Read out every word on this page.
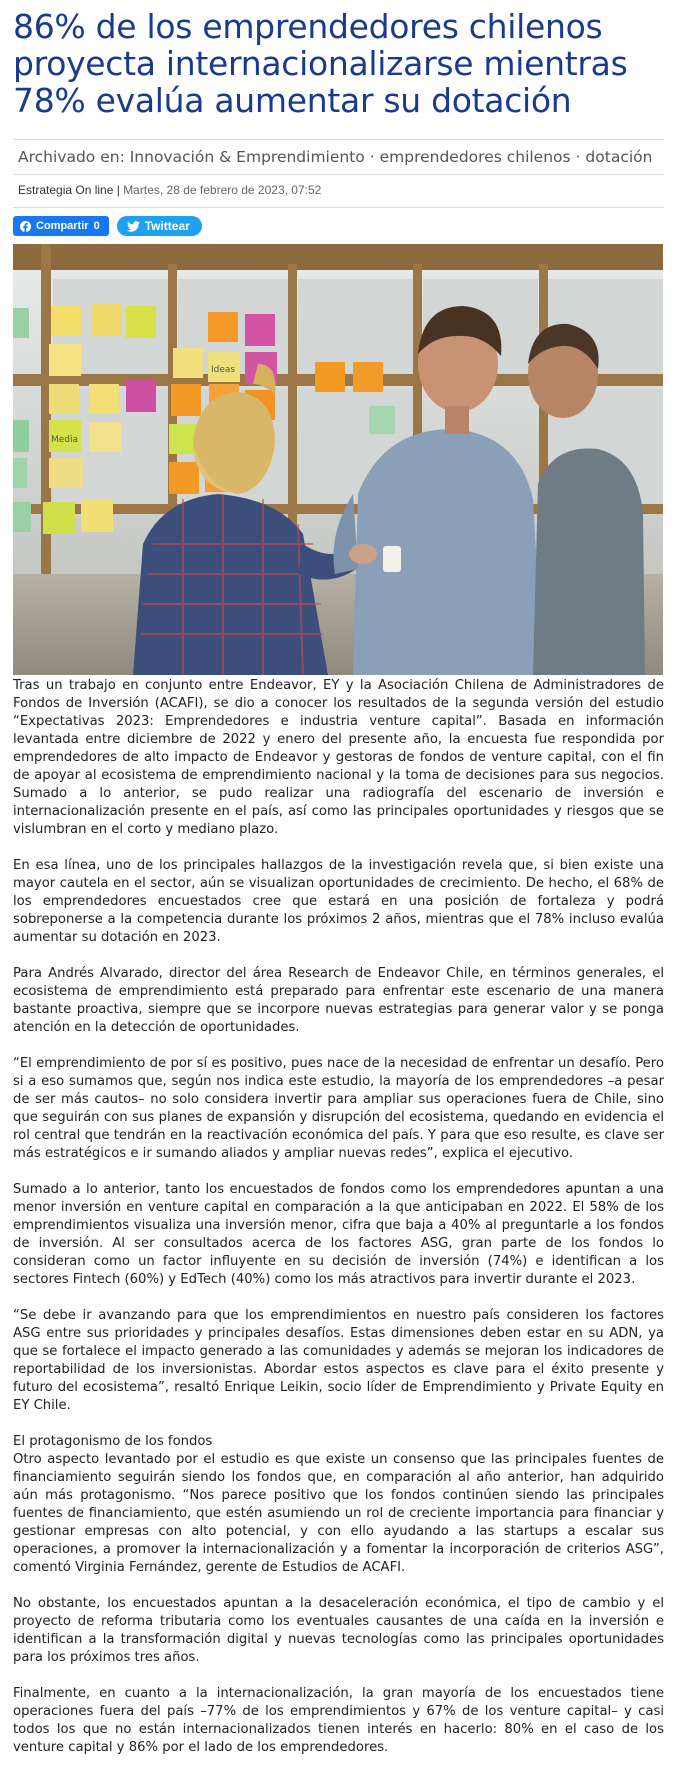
86% de los emprendedores chilenos proyecta internacionalizarse mientras 78% evalúa aumentar su dotación
Archivado en: Innovación & Emprendimiento · emprendedores chilenos · dotación
Estrategia On line | Martes, 28 de febrero de 2023, 07:52
Compartir 0	Twittear
Ideas
Media

Tras un trabajo en conjunto entre Endeavor, EY y la Asociación Chilena de Administradores de Fondos de Inversión (ACAFI), se dio a conocer los resultados de la segunda versión del estudio “Expectativas 2023: Emprendedores e industria venture capital”. Basada en información levantada entre diciembre de 2022 y enero del presente año, la encuesta fue respondida por emprendedores de alto impacto de Endeavor y gestoras de fondos de venture capital, con el fin de apoyar al ecosistema de emprendimiento nacional y la toma de decisiones para sus negocios. Sumado a lo anterior, se pudo realizar una radiografía del escenario de inversión e internacionalización presente en el país, así como las principales oportunidades y riesgos que se vislumbran en el corto y mediano plazo.

En esa línea, uno de los principales hallazgos de la investigación revela que, si bien existe una mayor cautela en el sector, aún se visualizan oportunidades de crecimiento. De hecho, el 68% de los emprendedores encuestados cree que estará en una posición de fortaleza y podrá sobreponerse a la competencia durante los próximos 2 años, mientras que el 78% incluso evalúa aumentar su dotación en 2023.

Para Andrés Alvarado, director del área Research de Endeavor Chile, en términos generales, el ecosistema de emprendimiento está preparado para enfrentar este escenario de una manera bastante proactiva, siempre que se incorpore nuevas estrategias para generar valor y se ponga atención en la detección de oportunidades.

“El emprendimiento de por sí es positivo, pues nace de la necesidad de enfrentar un desafío. Pero si a eso sumamos que, según nos indica este estudio, la mayoría de los emprendedores –a pesar de ser más cautos– no solo considera invertir para ampliar sus operaciones fuera de Chile, sino que seguirán con sus planes de expansión y disrupción del ecosistema, quedando en evidencia el rol central que tendrán en la reactivación económica del país. Y para que eso resulte, es clave ser más estratégicos e ir sumando aliados y ampliar nuevas redes”, explica el ejecutivo.

Sumado a lo anterior, tanto los encuestados de fondos como los emprendedores apuntan a una menor inversión en venture capital en comparación a la que anticipaban en 2022. El 58% de los emprendimientos visualiza una inversión menor, cifra que baja a 40% al preguntarle a los fondos de inversión. Al ser consultados acerca de los factores ASG, gran parte de los fondos lo consideran como un factor influyente en su decisión de inversión (74%) e identifican a los sectores Fintech (60%) y EdTech (40%) como los más atractivos para invertir durante el 2023.

“Se debe ir avanzando para que los emprendimientos en nuestro país consideren los factores ASG entre sus prioridades y principales desafíos. Estas dimensiones deben estar en su ADN, ya que se fortalece el impacto generado a las comunidades y además se mejoran los indicadores de reportabilidad de los inversionistas. Abordar estos aspectos es clave para el éxito presente y futuro del ecosistema”, resaltó Enrique Leikin, socio líder de Emprendimiento y Private Equity en EY Chile.

El protagonismo de los fondos

Otro aspecto levantado por el estudio es que existe un consenso que las principales fuentes de financiamiento seguirán siendo los fondos que, en comparación al año anterior, han adquirido aún más protagonismo. “Nos parece positivo que los fondos continúen siendo las principales fuentes de financiamiento, que estén asumiendo un rol de creciente importancia para financiar y gestionar empresas con alto potencial, y con ello ayudando a las startups a escalar sus operaciones, a promover la internacionalización y a fomentar la incorporación de criterios ASG”, comentó Virginia Fernández, gerente de Estudios de ACAFI.

No obstante, los encuestados apuntan a la desaceleración económica, el tipo de cambio y el proyecto de reforma tributaria como los eventuales causantes de una caída en la inversión e identifican a la transformación digital y nuevas tecnologías como las principales oportunidades para los próximos tres años.

Finalmente, en cuanto a la internacionalización, la gran mayoría de los encuestados tiene operaciones fuera del país –77% de los emprendimientos y 67% de los venture capital– y casi todos los que no están internacionalizados tienen interés en hacerlo: 80% en el caso de los venture capital y 86% por el lado de los emprendedores.
